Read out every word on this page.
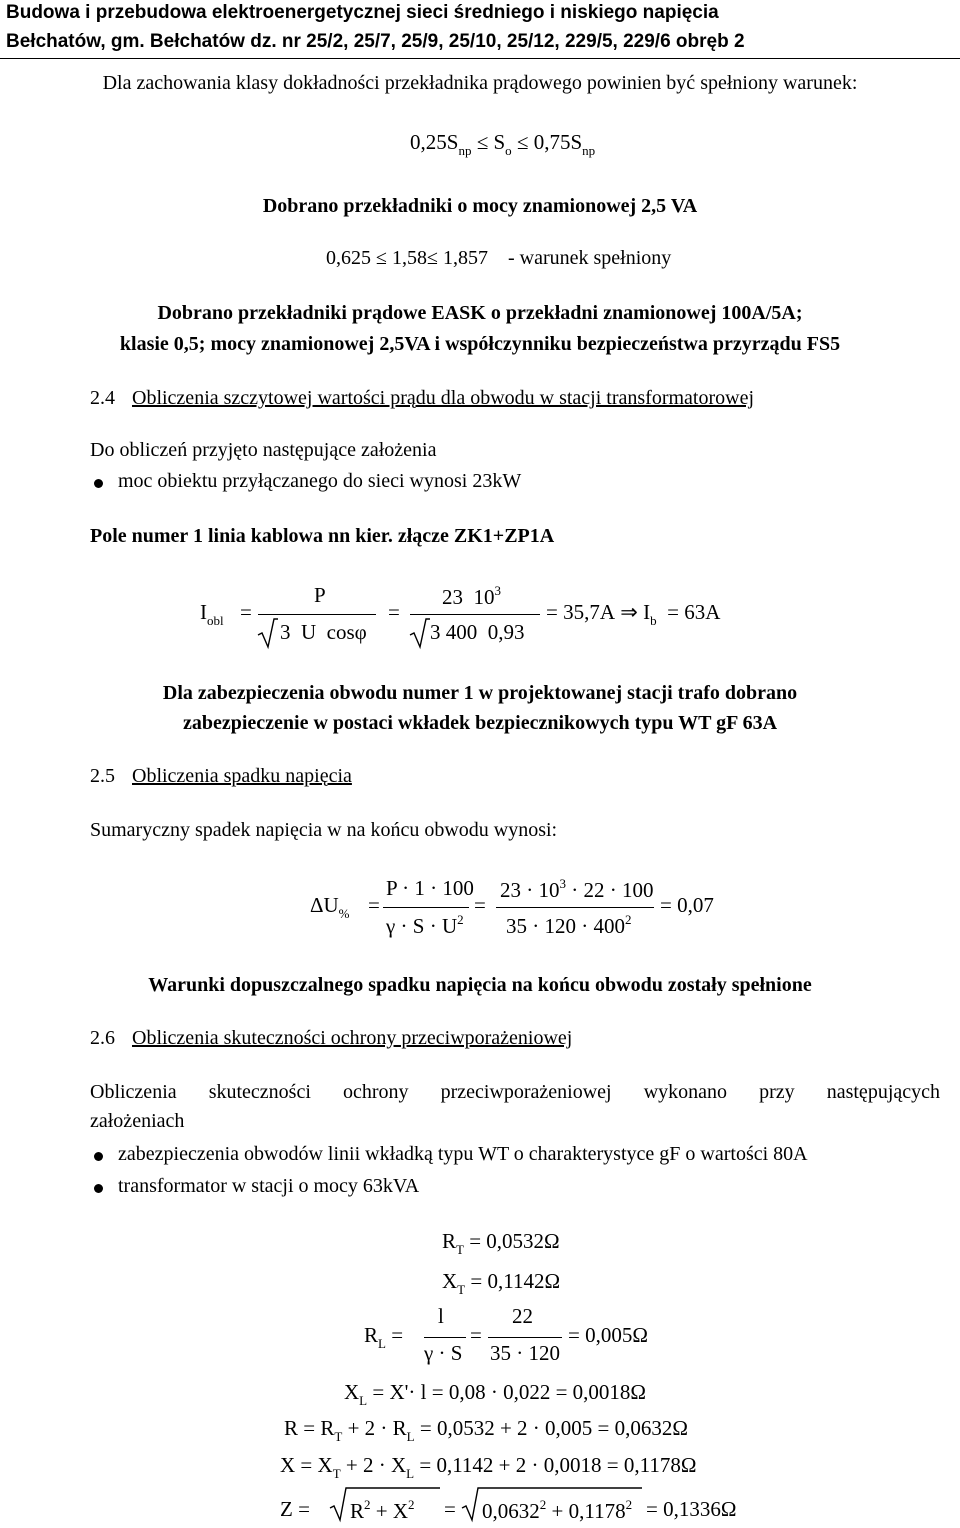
Budowa i przebudowa elektroenergetycznej sieci średniego i niskiego napięcia
Bełchatów, gm. Bełchatów dz. nr 25/2, 25/7, 25/9, 25/10, 25/12, 229/5, 229/6 obręb 2
Dla zachowania klasy dokładności przekładnika prądowego powinien być spełniony warunek:
$0,25S_{np} \le S_o \le 0,75S_{np}$
Dobrano przekładniki o mocy znamionowej 2,5 VA
0,625 ≤ 1,58≤ 1,857 - warunek spełniony
Dobrano przekładniki prądowe EASK o przekładni znamionowej 100A/5A;
klasie 0,5; mocy znamionowej 2,5VA i współczynniku bezpieczeństwa przyrządu FS5
2.4 Obliczenia szczytowej wartości prądu dla obwodu w stacji transformatorowej
Do obliczeń przyjęto następujące założenia
moc obiektu przyłączanego do sieci wynosi 23kW
Pole numer 1 linia kablowa nn kier. złącze ZK1+ZP1A
$I_{obl}$ =
P
3 U cosφ
=
23 $10^3$
3 400 0,93
= 35,7A ⇒ $I_b = 63A$
Dla zabezpieczenia obwodu numer 1 w projektowanej stacji trafo dobrano
zabezpieczenie w postaci wkładek bezpiecznikowych typu WT gF 63A
2.5 Obliczenia spadku napięcia
Sumaryczny spadek napięcia w na końcu obwodu wynosi:
$\Delta U_{\%}$ =
P · 1 · 100
$\gamma \cdot S \cdot U^2$
=
$23 \cdot 10^3 \cdot 22 \cdot 100$
$35 \cdot 120 \cdot 400^2$
= 0,07
Warunki dopuszczalnego spadku napięcia na końcu obwodu zostały spełnione
2.6 Obliczenia skuteczności ochrony przeciwporażeniowej
Obliczenia skuteczności ochrony przeciwporażeniowej wykonano przy następujących
założeniach
zabezpieczenia obwodów linii wkładką typu WT o charakterystyce gF o wartości 80A
transformator w stacji o mocy 63kVA
$R_T = 0,0532\Omega$
$X_T = 0,1142\Omega$
$R_L$ =
l
γ · S
=
22
35 · 120
= 0,005Ω
$X_L = X'\cdot l = 0,08 \cdot 0,022 = 0,0018\Omega$
$R = R_T + 2 \cdot R_L = 0,0532 + 2 \cdot 0,005 = 0,0632\Omega$
$X = X_T + 2 \cdot X_L = 0,1142 + 2 \cdot 0,0018 = 0,1178\Omega$
$Z = R^2 + X^2 = 0,0632^2 + 0,1178^2 = 0,1336\Omega$
